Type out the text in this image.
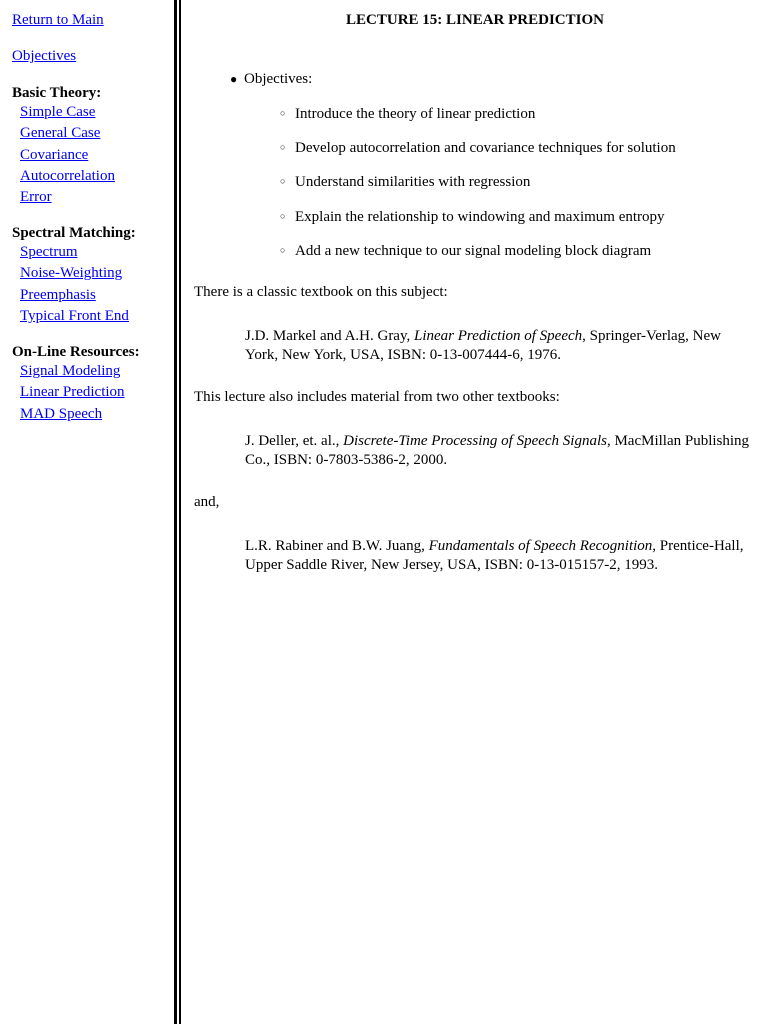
Return to Main
Objectives
Basic Theory:
Simple Case
General Case
Covariance
Autocorrelation
Error
Spectral Matching:
Spectrum
Noise-Weighting
Preemphasis
Typical Front End
On-Line Resources:
Signal Modeling
Linear Prediction
MAD Speech
LECTURE 15: LINEAR PREDICTION
● Objectives:
○ Introduce the theory of linear prediction
○ Develop autocorrelation and covariance techniques for solution
○ Understand similarities with regression
○ Explain the relationship to windowing and maximum entropy
○ Add a new technique to our signal modeling block diagram
There is a classic textbook on this subject:
J.D. Markel and A.H. Gray, Linear Prediction of Speech, Springer-Verlag, New York, New York, USA, ISBN: 0-13-007444-6, 1976.
This lecture also includes material from two other textbooks:
J. Deller, et. al., Discrete-Time Processing of Speech Signals, MacMillan Publishing Co., ISBN: 0-7803-5386-2, 2000.
and,
L.R. Rabiner and B.W. Juang, Fundamentals of Speech Recognition, Prentice-Hall, Upper Saddle River, New Jersey, USA, ISBN: 0-13-015157-2, 1993.
